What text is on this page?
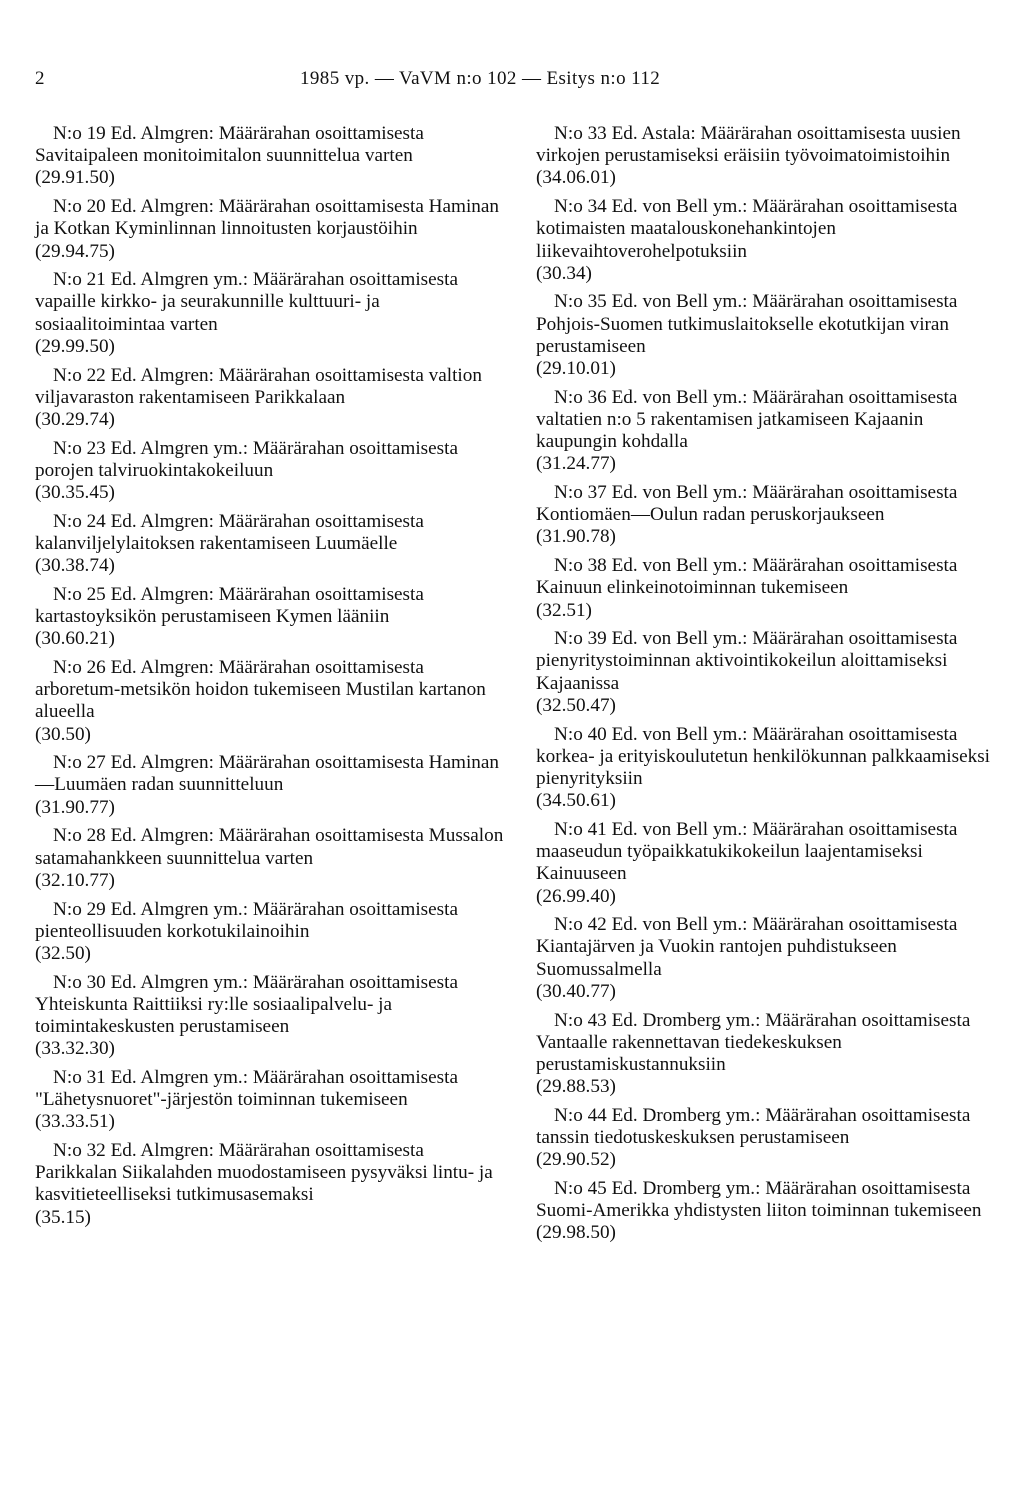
2	1985 vp. — VaVM n:o 102 — Esitys n:o 112
N:o 19 Ed. Almgren: Määrärahan osoittamisesta Savitaipaleen monitoimitalon suunnittelua varten
(29.91.50)
N:o 20 Ed. Almgren: Määrärahan osoittamisesta Haminan ja Kotkan Kyminlinnan linnoitusten korjaustöihin
(29.94.75)
N:o 21 Ed. Almgren ym.: Määrärahan osoittamisesta vapaille kirkko- ja seurakunnille kulttuuri- ja sosiaalitoimintaa varten
(29.99.50)
N:o 22 Ed. Almgren: Määrärahan osoittamisesta valtion viljavaraston rakentamiseen Parikkalaan
(30.29.74)
N:o 23 Ed. Almgren ym.: Määrärahan osoittamisesta porojen talviruokintakokeiluun
(30.35.45)
N:o 24 Ed. Almgren: Määrärahan osoittamisesta kalanviljelylaitoksen rakentamiseen Luumäelle
(30.38.74)
N:o 25 Ed. Almgren: Määrärahan osoittamisesta kartastoyksikön perustamiseen Kymen lääniin
(30.60.21)
N:o 26 Ed. Almgren: Määrärahan osoittamisesta arboretum-metsikön hoidon tukemiseen Mustilan kartanon alueella
(30.50)
N:o 27 Ed. Almgren: Määrärahan osoittamisesta Haminan—Luumäen radan suunnitteluun
(31.90.77)
N:o 28 Ed. Almgren: Määrärahan osoittamisesta Mussalon satamahankkeen suunnittelua varten
(32.10.77)
N:o 29 Ed. Almgren ym.: Määrärahan osoittamisesta pienteollisuuden korkotukilainoihin
(32.50)
N:o 30 Ed. Almgren ym.: Määrärahan osoittamisesta Yhteiskunta Raittiiksi ry:lle sosiaalipalvelu- ja toimintakeskusten perustamiseen
(33.32.30)
N:o 31 Ed. Almgren ym.: Määrärahan osoittamisesta "Lähetysnuoret"-järjestön toiminnan tukemiseen
(33.33.51)
N:o 32 Ed. Almgren: Määrärahan osoittamisesta Parikkalan Siikalahden muodostamiseen pysyväksi lintu- ja kasvitieteelliseksi tutkimusasemaksi
(35.15)
N:o 33 Ed. Astala: Määrärahan osoittamisesta uusien virkojen perustamiseksi eräisiin työvoimatoimistoihin
(34.06.01)
N:o 34 Ed. von Bell ym.: Määrärahan osoittamisesta kotimaisten maatalouskonehankintojen liikevaihtoverohelpotuksiin
(30.34)
N:o 35 Ed. von Bell ym.: Määrärahan osoittamisesta Pohjois-Suomen tutkimuslaitokselle ekotutkijan viran perustamiseen
(29.10.01)
N:o 36 Ed. von Bell ym.: Määrärahan osoittamisesta valtatien n:o 5 rakentamisen jatkamiseen Kajaanin kaupungin kohdalla
(31.24.77)
N:o 37 Ed. von Bell ym.: Määrärahan osoittamisesta Kontiomäen—Oulun radan peruskorjaukseen
(31.90.78)
N:o 38 Ed. von Bell ym.: Määrärahan osoittamisesta Kainuun elinkeinotoiminnan tukemiseen
(32.51)
N:o 39 Ed. von Bell ym.: Määrärahan osoittamisesta pienyritystoiminnan aktivointikokeilun aloittamiseksi Kajaanissa
(32.50.47)
N:o 40 Ed. von Bell ym.: Määrärahan osoittamisesta korkea- ja erityiskoulutetun henkilökunnan palkkaamiseksi pienyrityksiin
(34.50.61)
N:o 41 Ed. von Bell ym.: Määrärahan osoittamisesta maaseudun työpaikkatukikokeilun laajentamiseksi Kainuuseen
(26.99.40)
N:o 42 Ed. von Bell ym.: Määrärahan osoittamisesta Kiantajärven ja Vuokin rantojen puhdistukseen Suomussalmella
(30.40.77)
N:o 43 Ed. Dromberg ym.: Määrärahan osoittamisesta Vantaalle rakennettavan tiedekeskuksen perustamiskustannuksiin
(29.88.53)
N:o 44 Ed. Dromberg ym.: Määrärahan osoittamisesta tanssin tiedotuskeskuksen perustamiseen
(29.90.52)
N:o 45 Ed. Dromberg ym.: Määrärahan osoittamisesta Suomi-Amerikka yhdistysten liiton toiminnan tukemiseen
(29.98.50)
